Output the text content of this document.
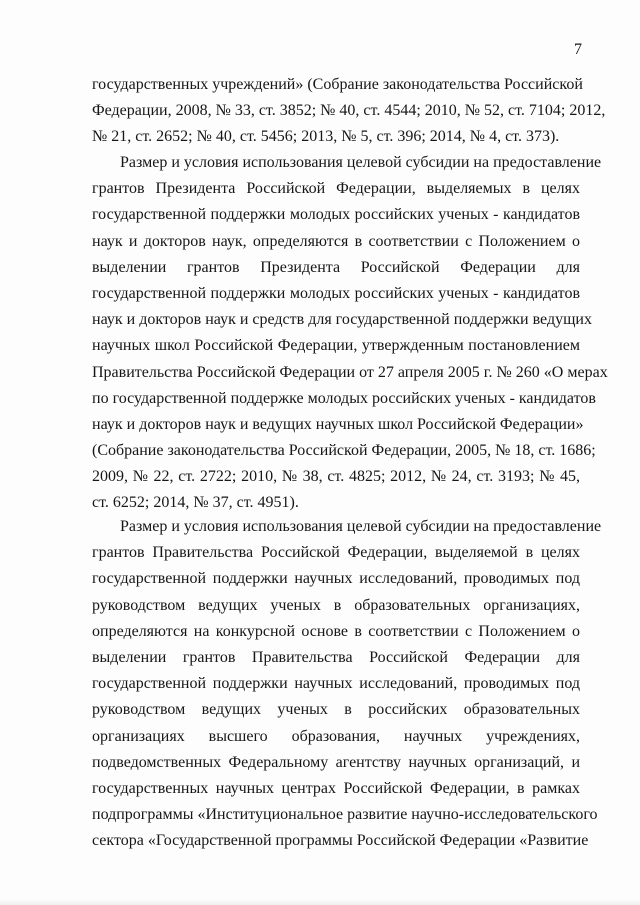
7
государственных учреждений» (Собрание законодательства Российской
Федерации, 2008, № 33, ст. 3852; № 40, ст. 4544; 2010, № 52, ст. 7104; 2012,
№ 21, ст. 2652; № 40, ст. 5456; 2013, № 5, ст. 396; 2014, № 4, ст. 373).
Размер и условия использования целевой субсидии на предоставление
грантов Президента Российской Федерации, выделяемых в целях
государственной поддержки молодых российских ученых - кандидатов
наук и докторов наук, определяются в соответствии с Положением о
выделении грантов Президента Российской Федерации для
государственной поддержки молодых российских ученых - кандидатов
наук и докторов наук и средств для государственной поддержки ведущих
научных школ Российской Федерации, утвержденным постановлением
Правительства Российской Федерации от 27 апреля 2005 г. № 260 «О мерах
по государственной поддержке молодых российских ученых - кандидатов
наук и докторов наук и ведущих научных школ Российской Федерации»
(Собрание законодательства Российской Федерации, 2005, № 18, ст. 1686;
2009, № 22, ст. 2722; 2010, № 38, ст. 4825; 2012, № 24, ст. 3193; № 45,
ст. 6252; 2014, № 37, ст. 4951).
Размер и условия использования целевой субсидии на предоставление
грантов Правительства Российской Федерации, выделяемой в целях
государственной поддержки научных исследований, проводимых под
руководством ведущих ученых в образовательных организациях,
определяются на конкурсной основе в соответствии с Положением о
выделении грантов Правительства Российской Федерации для
государственной поддержки научных исследований, проводимых под
руководством ведущих ученых в российских образовательных
организациях высшего образования, научных учреждениях,
подведомственных Федеральному агентству научных организаций, и
государственных научных центрах Российской Федерации, в рамках
подпрограммы «Институциональное развитие научно-исследовательского
сектора «Государственной программы Российской Федерации «Развитие
